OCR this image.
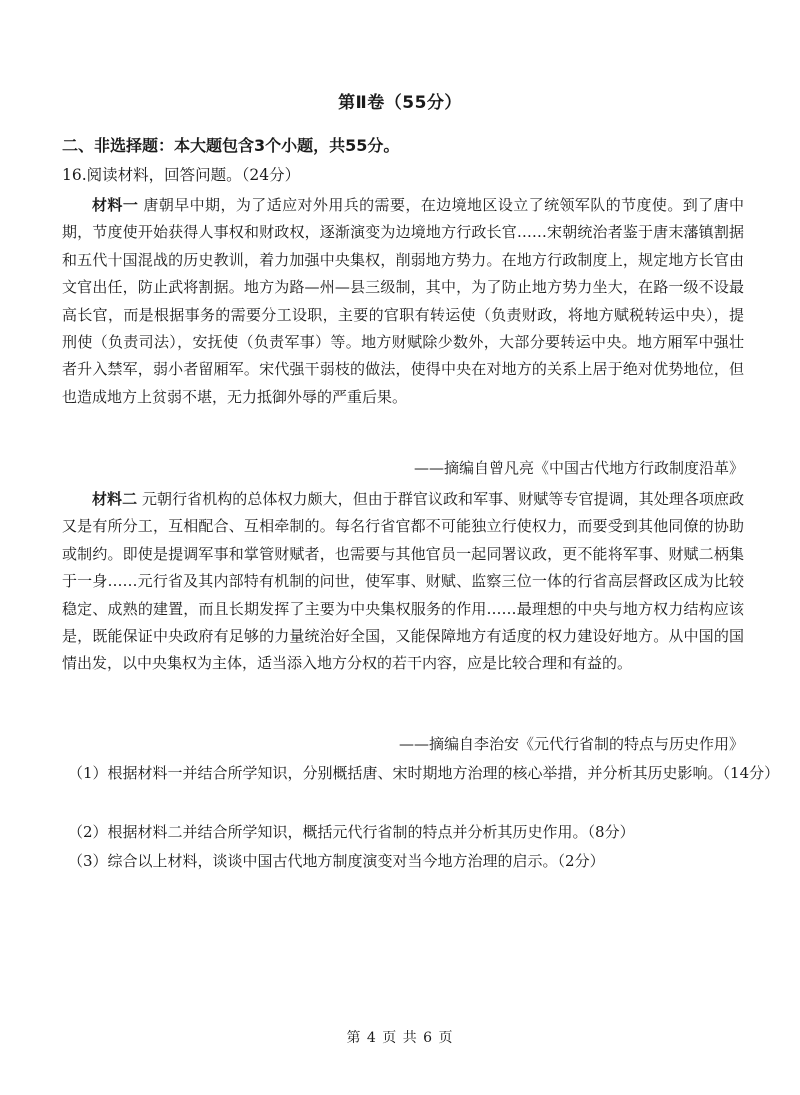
第Ⅱ卷（55分）
二、非选择题：本大题包含3个小题，共55分。
16.阅读材料，回答问题。（24分）
材料一 唐朝早中期，为了适应对外用兵的需要，在边境地区设立了统领军队的节度使。到了唐中期，节度使开始获得人事权和财政权，逐渐演变为边境地方行政长官……宋朝统治者鉴于唐末藩镇割据和五代十国混战的历史教训，着力加强中央集权，削弱地方势力。在地方行政制度上，规定地方长官由文官出任，防止武将割据。地方为路—州—县三级制，其中，为了防止地方势力坐大，在路一级不设最高长官，而是根据事务的需要分工设职，主要的官职有转运使（负责财政，将地方赋税转运中央），提刑使（负责司法），安抚使（负责军事）等。地方财赋除少数外，大部分要转运中央。地方厢军中强壮者升入禁军，弱小者留厢军。宋代强干弱枝的做法，使得中央在对地方的关系上居于绝对优势地位，但也造成地方上贫弱不堪，无力抵御外辱的严重后果。
——摘编自曾凡亮《中国古代地方行政制度沿革》
材料二 元朝行省机构的总体权力颇大，但由于群官议政和军事、财赋等专官提调，其处理各项庶政又是有所分工，互相配合、互相牵制的。每名行省官都不可能独立行使权力，而要受到其他同僚的协助或制约。即使是提调军事和掌管财赋者，也需要与其他官员一起同署议政，更不能将军事、财赋二柄集于一身……元行省及其内部特有机制的问世，使军事、财赋、监察三位一体的行省高层督政区成为比较稳定、成熟的建置，而且长期发挥了主要为中央集权服务的作用……最理想的中央与地方权力结构应该是，既能保证中央政府有足够的力量统治好全国，又能保障地方有适度的权力建设好地方。从中国的国情出发，以中央集权为主体，适当添入地方分权的若干内容，应是比较合理和有益的。
——摘编自李治安《元代行省制的特点与历史作用》
（1）根据材料一并结合所学知识，分别概括唐、宋时期地方治理的核心举措，并分析其历史影响。（14分）
（2）根据材料二并结合所学知识，概括元代行省制的特点并分析其历史作用。（8分）
（3）综合以上材料，谈谈中国古代地方制度演变对当今地方治理的启示。（2分）
第 4 页 共 6 页
